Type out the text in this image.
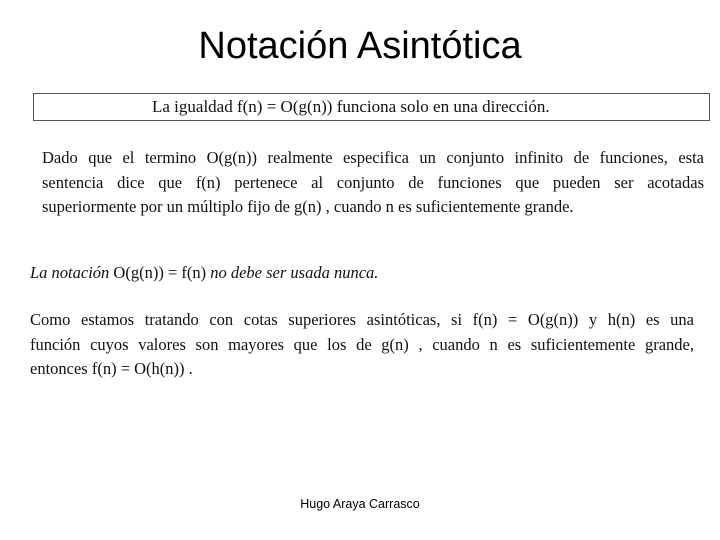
Notación Asintótica
La igualdad f(n) = O(g(n)) funciona solo en una dirección.
Dado que el termino O(g(n)) realmente especifica un conjunto infinito de funciones, esta
sentencia dice que f(n) pertenece al conjunto de funciones que pueden ser acotadas
superiormente por un múltiplo fijo de g(n) , cuando n es suficientemente grande.
La notación O(g(n)) = f(n) no debe ser usada nunca.
Como estamos tratando con cotas superiores asintóticas, si f(n) = O(g(n)) y h(n) es una
función cuyos valores son mayores que los de g(n) , cuando n es suficientemente grande,
entonces f(n) = O(h(n)) .
Hugo Araya Carrasco
